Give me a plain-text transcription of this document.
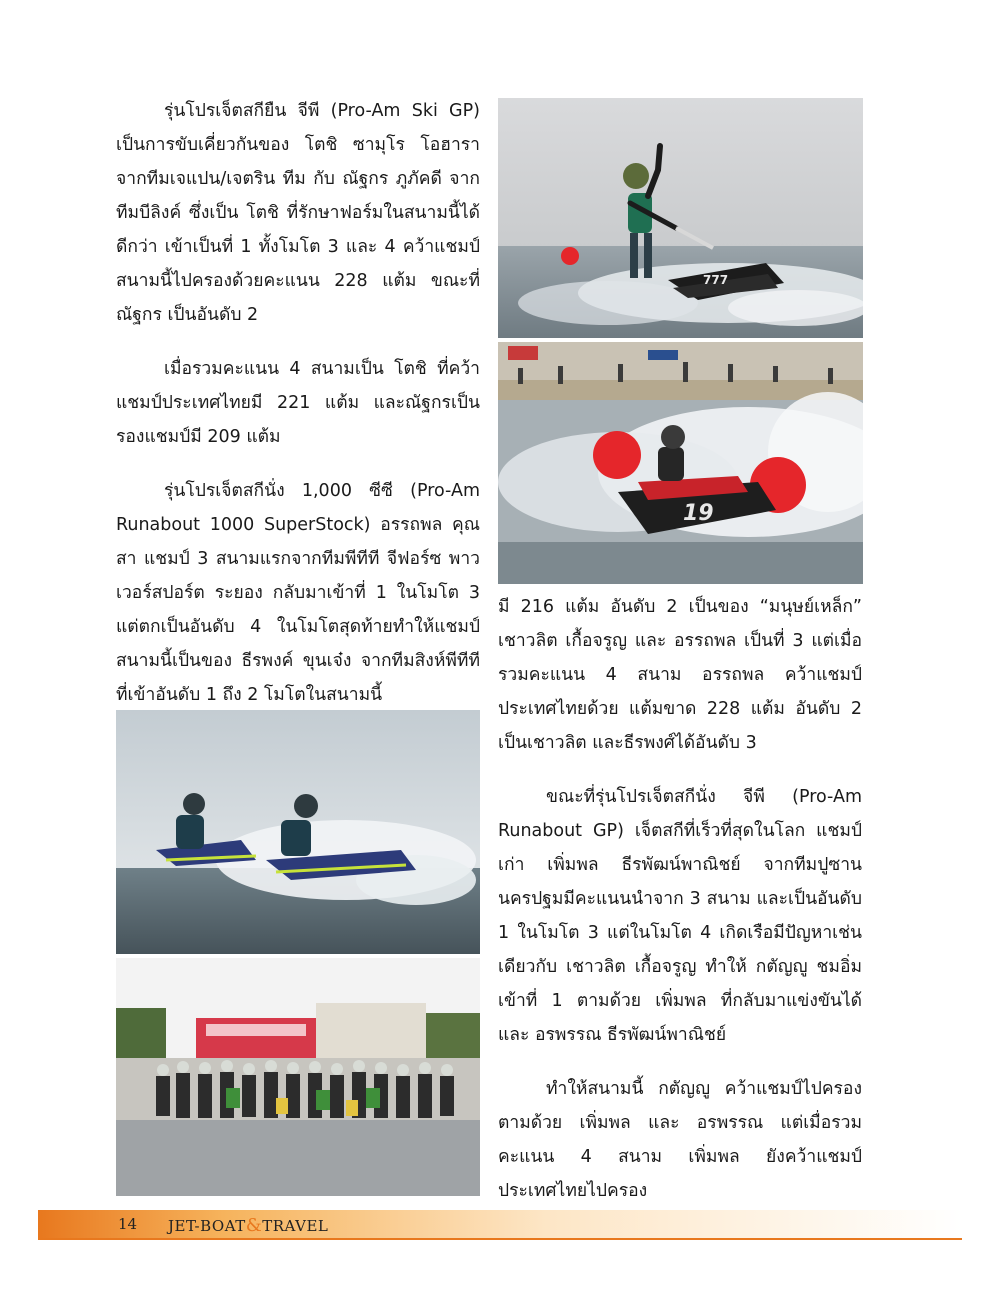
รุ่นโปรเจ็ตสกียืน จีพี (Pro-Am Ski GP) เป็นการขับเคี่ยวกันของ โตชิ ซามุโร โอฮารา จากทีมเจแปน/เจตริน ทีม กับ ณัฐกร ภูภัคดี จากทีมบีลิงค์ ซึ่งเป็น โตชิ ที่รักษาฟอร์มในสนามนี้ได้ดีกว่า เข้าเป็นที่ 1 ทั้งโมโต 3 และ 4 คว้าแชมป์สนามนี้ไปครองด้วยคะแนน 228 แต้ม ขณะที่ ณัฐกร เป็นอันดับ 2

เมื่อรวมคะแนน 4 สนามเป็น โตชิ ที่คว้าแชมป์ประเทศไทยมี 221 แต้ม และณัฐกรเป็นรองแชมป์มี 209 แต้ม

รุ่นโปรเจ็ตสกีนั่ง 1,000 ซีซี (Pro-Am Runabout 1000 SuperStock) อรรถพล คุณสา แชมป์ 3 สนามแรกจากทีมพีทีที จีฟอร์ซ พาวเวอร์สปอร์ต ระยอง กลับมาเข้าที่ 1 ในโมโต 3 แต่ตกเป็นอันดับ 4 ในโมโตสุดท้ายทำให้แชมป์สนามนี้เป็นของ ธีรพงค์ ขุนเจ๋ง จากทีมสิงห์พีทีที ที่เข้าอันดับ 1 ถึง 2 โมโตในสนามนี้

777
19

มี 216 แต้ม อันดับ 2 เป็นของ “มนุษย์เหล็ก” เชาวลิต เกื้อจรูญ และ อรรถพล เป็นที่ 3 แต่เมื่อรวมคะแนน 4 สนาม อรรถพล คว้าแชมป์ประเทศไทยด้วย แต้มขาด 228 แต้ม อันดับ 2 เป็นเชาวลิต และธีรพงศ์ได้อันดับ 3

ขณะที่รุ่นโปรเจ็ตสกีนั่ง จีพี (Pro-Am Runabout GP) เจ็ตสกีที่เร็วที่สุดในโลก แชมป์เก่า เพิ่มพล ธีรพัฒน์พาณิชย์ จากทีมปูซาน นครปฐมมีคะแนนนำจาก 3 สนาม และเป็นอันดับ 1 ในโมโต 3 แต่ในโมโต 4 เกิดเรือมีปัญหาเช่นเดียวกับ เชาวลิต เกื้อจรูญ ทำให้ กตัญญู ชมอิ่ม เข้าที่ 1 ตามด้วย เพิ่มพล ที่กลับมาแข่งขันได้ และ อรพรรณ ธีรพัฒน์พาณิชย์

ทำให้สนามนี้ กตัญญู คว้าแชมป์ไปครอง ตามด้วย เพิ่มพล และ อรพรรณ แต่เมื่อรวมคะแนน 4 สนาม เพิ่มพล ยังคว้าแชมป์ประเทศไทยไปครอง

14 JET-BOAT&TRAVEL
